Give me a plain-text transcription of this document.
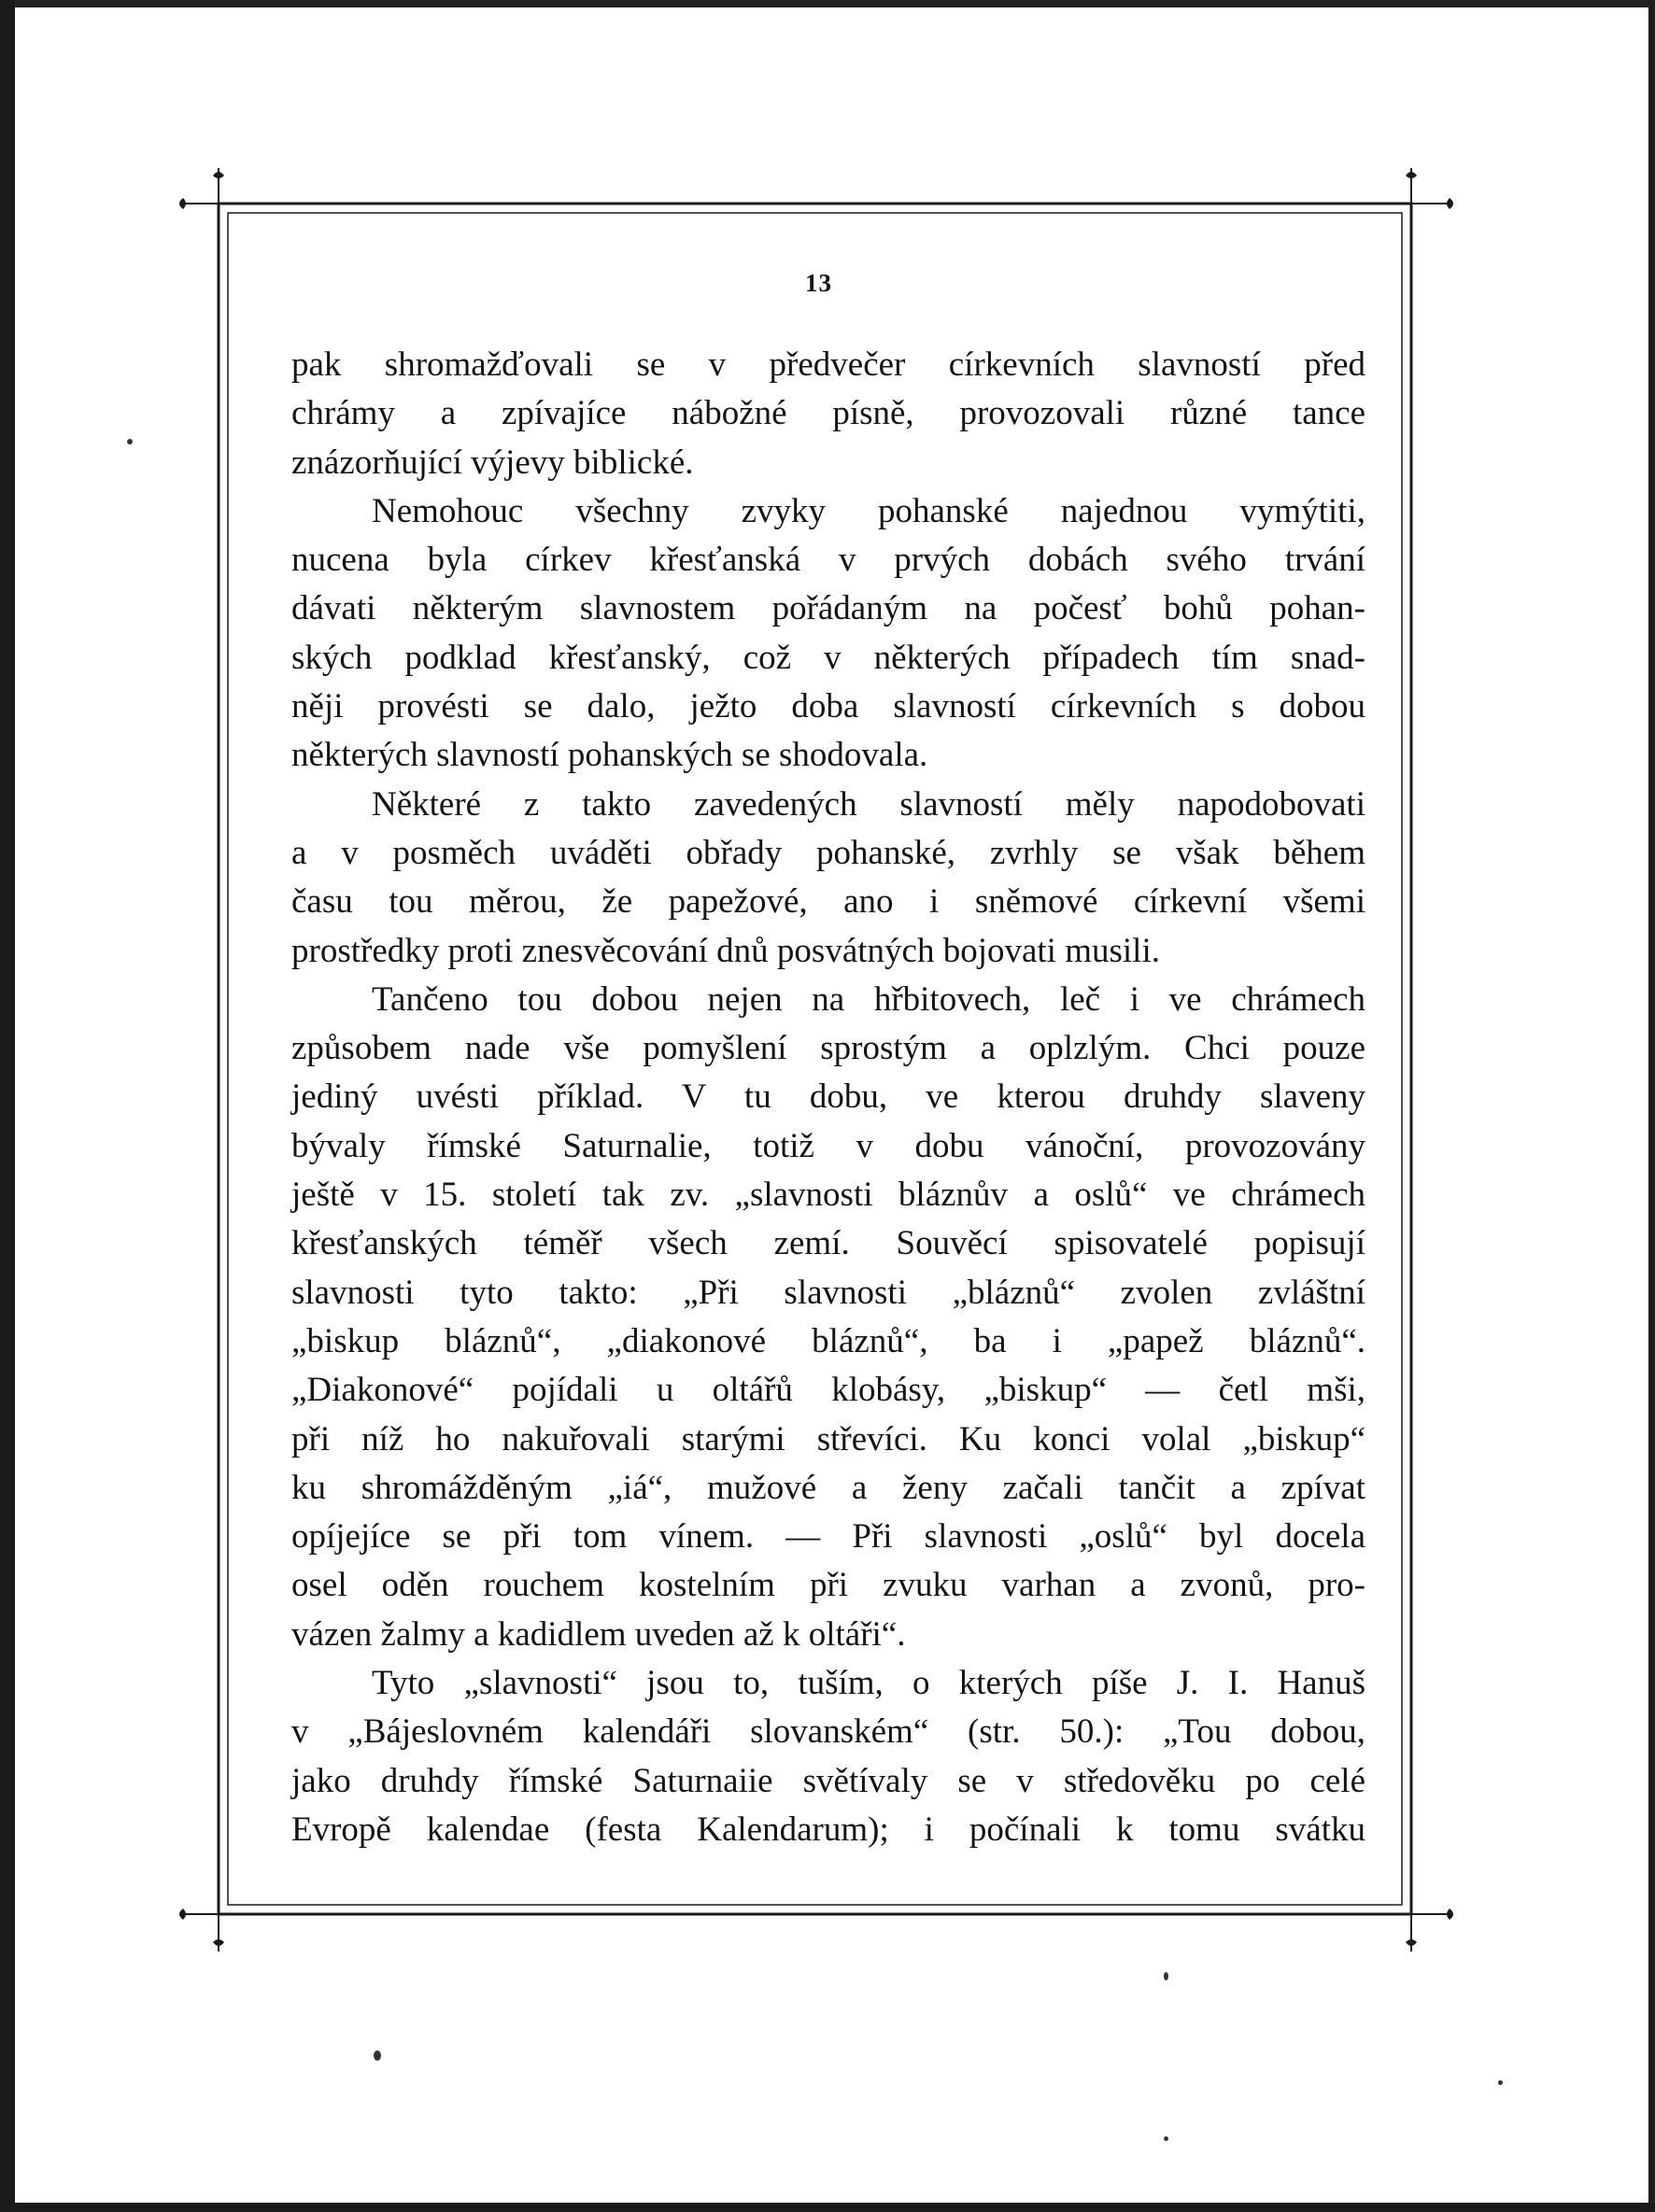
13
pak shromažďovali se v předvečer církevních slavností před
chrámy a zpívajíce nábožné písně, provozovali různé tance
znázorňující výjevy biblické.
Nemohouc všechny zvyky pohanské najednou vymýtiti,
nucena byla církev křesťanská v prvých dobách svého trvání
dávati některým slavnostem pořádaným na počesť bohů pohan-
ských podklad křesťanský, což v některých případech tím snad-
něji provésti se dalo, ježto doba slavností církevních s dobou
některých slavností pohanských se shodovala.
Některé z takto zavedených slavností měly napodobovati
a v posměch uváděti obřady pohanské, zvrhly se však během
času tou měrou, že papežové, ano i sněmové církevní všemi
prostředky proti znesvěcování dnů posvátných bojovati musili.
Tančeno tou dobou nejen na hřbitovech, leč i ve chrámech
způsobem nade vše pomyšlení sprostým a oplzlým. Chci pouze
jediný uvésti příklad. V tu dobu, ve kterou druhdy slaveny
bývaly římské Saturnalie, totiž v dobu vánoční, provozovány
ještě v 15. století tak zv. „slavnosti bláznův a oslů“ ve chrámech
křesťanských téměř všech zemí. Souvěcí spisovatelé popisují
slavnosti tyto takto: „Při slavnosti „bláznů“ zvolen zvláštní
„biskup bláznů“, „diakonové bláznů“, ba i „papež bláznů“.
„Diakonové“ pojídali u oltářů klobásy, „biskup“ — četl mši,
při níž ho nakuřovali starými střevíci. Ku konci volal „biskup“
ku shromážděným „iá“, mužové a ženy začali tančit a zpívat
opíjejíce se při tom vínem. — Při slavnosti „oslů“ byl docela
osel oděn rouchem kostelním při zvuku varhan a zvonů, pro-
vázen žalmy a kadidlem uveden až k oltáři“.
Tyto „slavnosti“ jsou to, tuším, o kterých píše J. I. Hanuš
v „Bájeslovném kalendáři slovanském“ (str. 50.): „Tou dobou,
jako druhdy římské Saturnaiie světívaly se v středověku po celé
Evropě kalendae (festa Kalendarum); i počínali k tomu svátku
